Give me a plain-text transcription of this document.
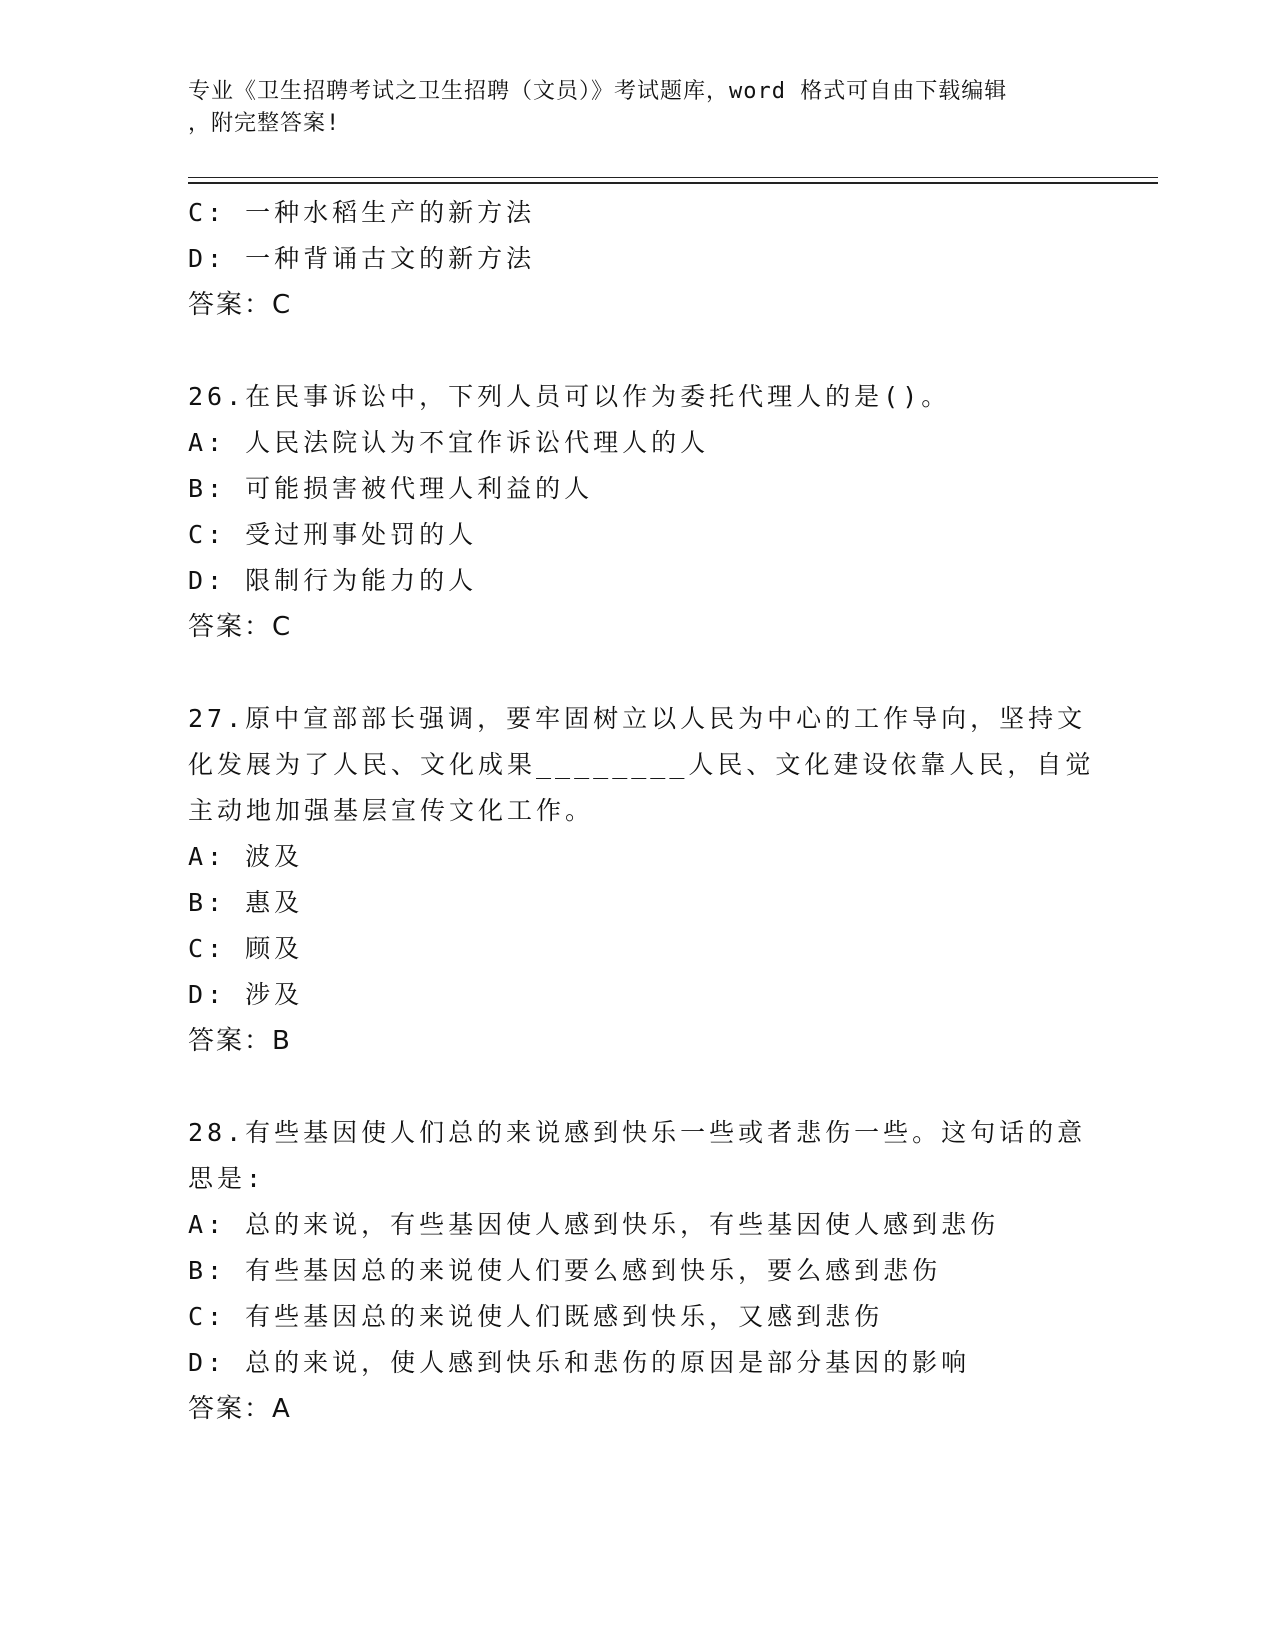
专业《卫生招聘考试之卫生招聘（文员）》考试题库，word 格式可自由下载编辑
，附完整答案!
C: 一种水稻生产的新方法
D: 一种背诵古文的新方法
答案：C
26.在民事诉讼中，下列人员可以作为委托代理人的是()。
A: 人民法院认为不宜作诉讼代理人的人
B: 可能损害被代理人利益的人
C: 受过刑事处罚的人
D: 限制行为能力的人
答案：C
27.原中宣部部长强调，要牢固树立以人民为中心的工作导向，坚持文
化发展为了人民、文化成果________人民、文化建设依靠人民，自觉
主动地加强基层宣传文化工作。
A: 波及
B: 惠及
C: 顾及
D: 涉及
答案：B
28.有些基因使人们总的来说感到快乐一些或者悲伤一些。这句话的意
思是:
A: 总的来说，有些基因使人感到快乐，有些基因使人感到悲伤
B: 有些基因总的来说使人们要么感到快乐，要么感到悲伤
C: 有些基因总的来说使人们既感到快乐，又感到悲伤
D: 总的来说，使人感到快乐和悲伤的原因是部分基因的影响
答案：A
